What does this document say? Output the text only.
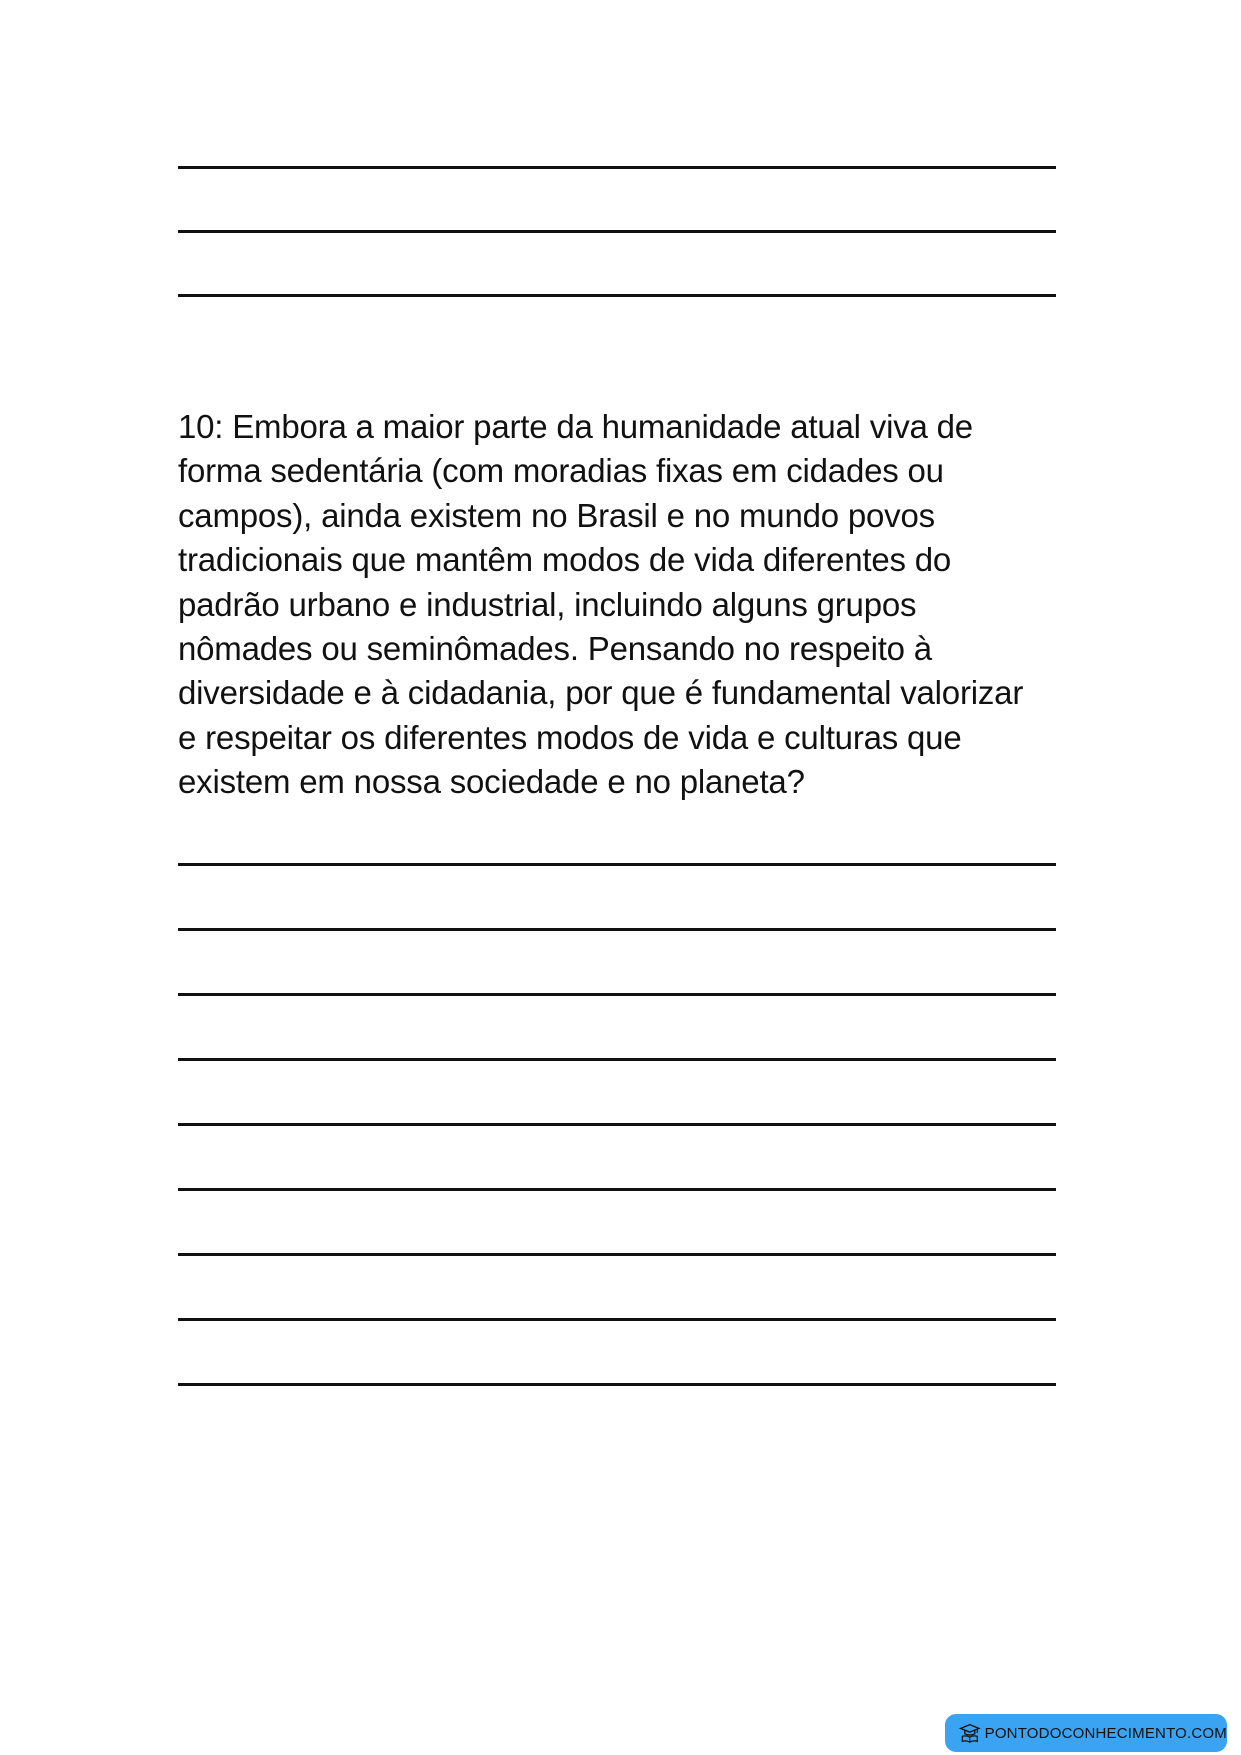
10: Embora a maior parte da humanidade atual viva de
forma sedentária (com moradias fixas em cidades ou
campos), ainda existem no Brasil e no mundo povos
tradicionais que mantêm modos de vida diferentes do
padrão urbano e industrial, incluindo alguns grupos
nômades ou seminômades. Pensando no respeito à
diversidade e à cidadania, por que é fundamental valorizar
e respeitar os diferentes modos de vida e culturas que
existem em nossa sociedade e no planeta?
PONTODOCONHECIMENTO.COM
